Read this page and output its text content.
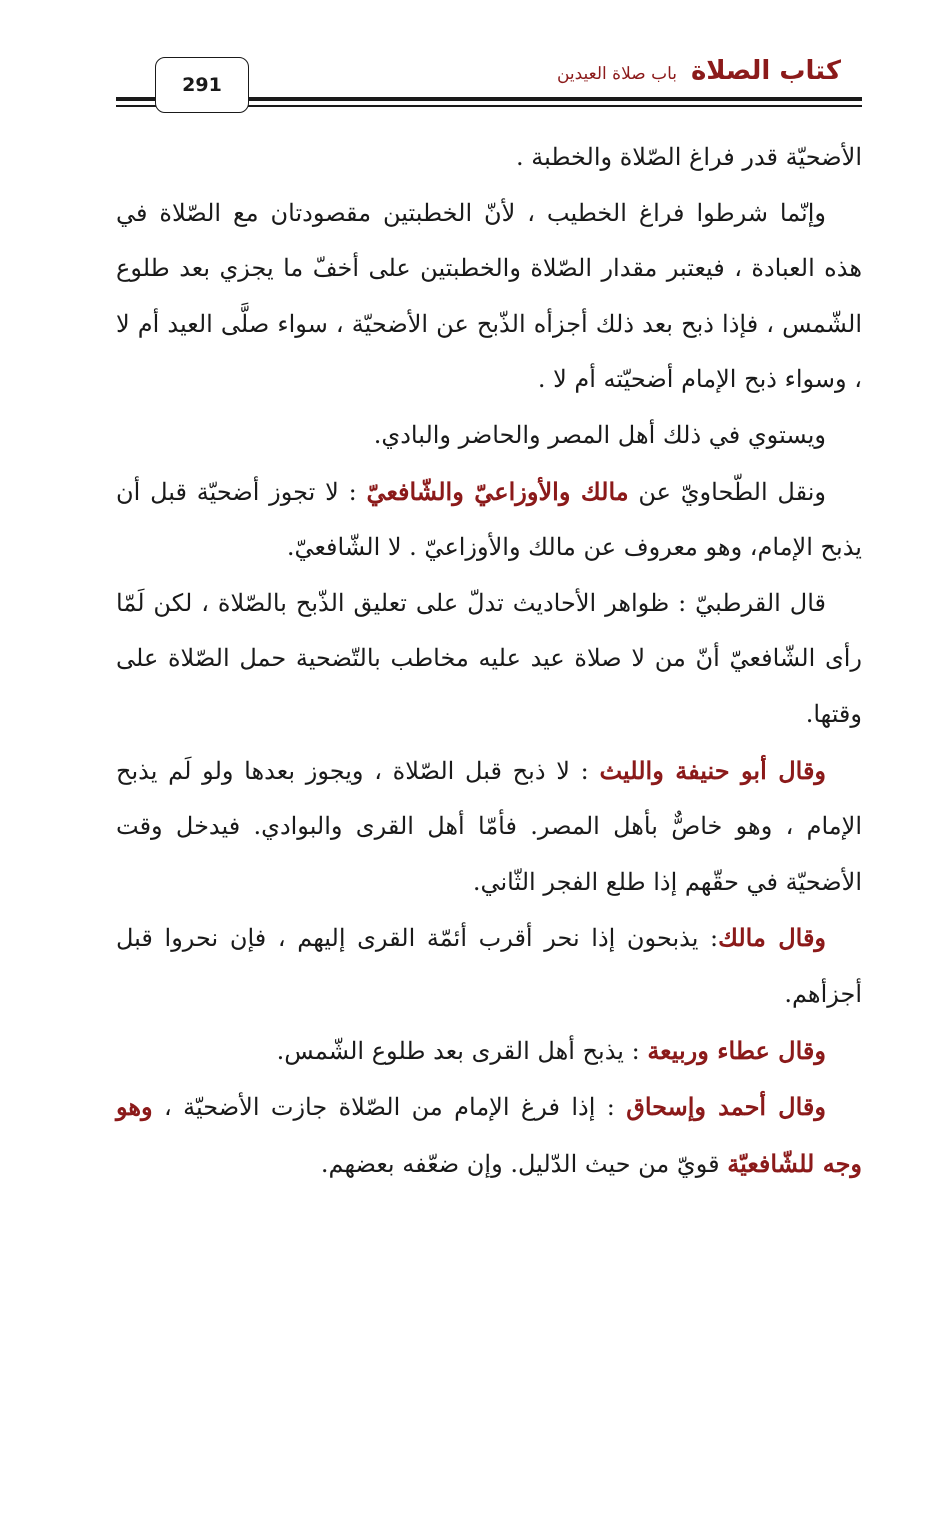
كتاب الصلاة
باب صلاة العيدين
291

الأضحيّة قدر فراغ الصّلاة والخطبة .

وإنّما شرطوا فراغ الخطيب ، لأنّ الخطبتين مقصودتان مع الصّلاة في هذه العبادة ، فيعتبر مقدار الصّلاة والخطبتين على أخفّ ما يجزي بعد طلوع الشّمس ، فإذا ذبح بعد ذلك أجزأه الذّبح عن الأضحيّة ، سواء صلَّى العيد أم لا ، وسواء ذبح الإمام أضحيّته أم لا .

ويستوي في ذلك أهل المصر والحاضر والبادي.

ونقل الطّحاويّ عن مالك والأوزاعيّ والشّافعيّ : لا تجوز أضحيّة قبل أن يذبح الإمام، وهو معروف عن مالك والأوزاعيّ . لا الشّافعيّ.

قال القرطبيّ : ظواهر الأحاديث تدلّ على تعليق الذّبح بالصّلاة ، لكن لَمّا رأى الشّافعيّ أنّ من لا صلاة عيد عليه مخاطب بالتّضحية حمل الصّلاة على وقتها.

وقال أبو حنيفة والليث : لا ذبح قبل الصّلاة ، ويجوز بعدها ولو لَم يذبح الإمام ، وهو خاصٌّ بأهل المصر. فأمّا أهل القرى والبوادي. فيدخل وقت الأضحيّة في حقّهم إذا طلع الفجر الثّاني.

وقال مالك: يذبحون إذا نحر أقرب أئمّة القرى إليهم ، فإن نحروا قبل أجزأهم.

وقال عطاء وربيعة : يذبح أهل القرى بعد طلوع الشّمس.

وقال أحمد وإسحاق : إذا فرغ الإمام من الصّلاة جازت الأضحيّة ، وهو وجه للشّافعيّة قويّ من حيث الدّليل. وإن ضعّفه بعضهم.
